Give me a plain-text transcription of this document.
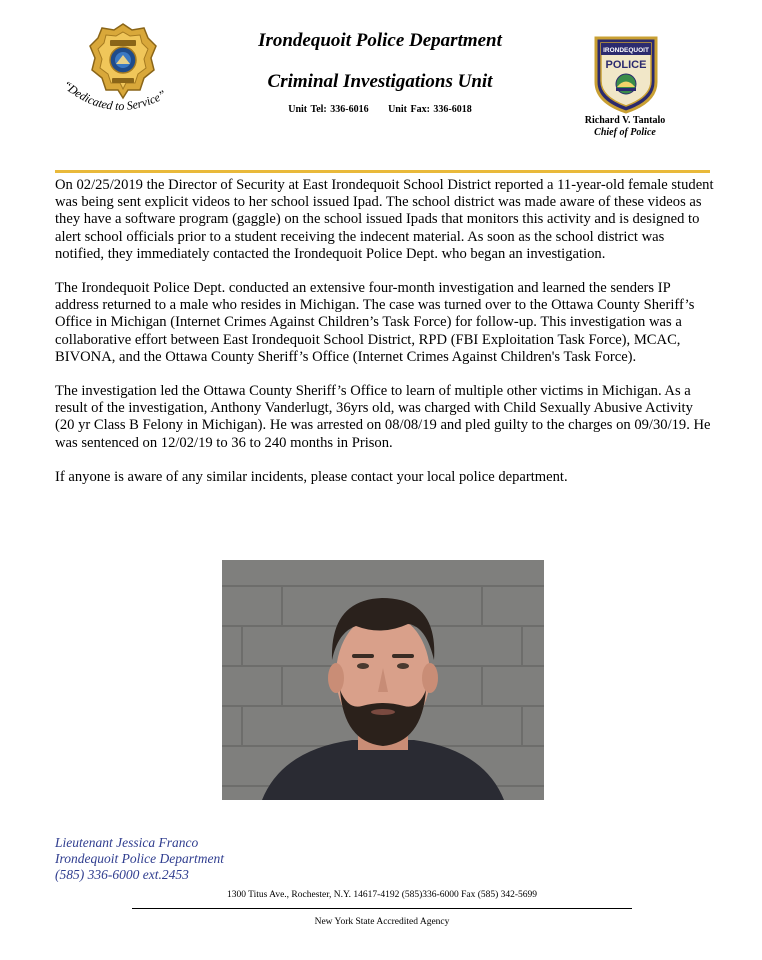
“Dedicated to Service”
Irondequoit Police Department
Criminal Investigations Unit
Unit Tel: 336-6016 Unit Fax: 336-6018
IRONDEQUOIT
POLICE
Richard V. Tantalo
Chief of Police

On 02/25/2019 the Director of Security at East Irondequoit School District reported a 11-year-old female student was being sent explicit videos to her school issued Ipad. The school district was made aware of these videos as they have a software program (gaggle) on the school issued Ipads that monitors this activity and is designed to alert school officials prior to a student receiving the indecent material. As soon as the school district was notified, they immediately contacted the Irondequoit Police Dept. who began an investigation.

The Irondequoit Police Dept. conducted an extensive four-month investigation and learned the senders IP address returned to a male who resides in Michigan. The case was turned over to the Ottawa County Sheriff’s Office in Michigan (Internet Crimes Against Children’s Task Force) for follow-up. This investigation was a collaborative effort between East Irondequoit School District, RPD (FBI Exploitation Task Force), MCAC, BIVONA, and the Ottawa County Sheriff’s Office (Internet Crimes Against Children's Task Force).

The investigation led the Ottawa County Sheriff’s Office to learn of multiple other victims in Michigan. As a result of the investigation, Anthony Vanderlugt, 36yrs old, was charged with Child Sexually Abusive Activity (20 yr Class B Felony in Michigan). He was arrested on 08/08/19 and pled guilty to the charges on 09/30/19. He was sentenced on 12/02/19 to 36 to 240 months in Prison.

If anyone is aware of any similar incidents, please contact your local police department.

Lieutenant Jessica Franco
Irondequoit Police Department
(585) 336-6000 ext.2453
1300 Titus Ave., Rochester, N.Y. 14617-4192 (585)336-6000 Fax (585) 342-5699
New York State Accredited Agency
